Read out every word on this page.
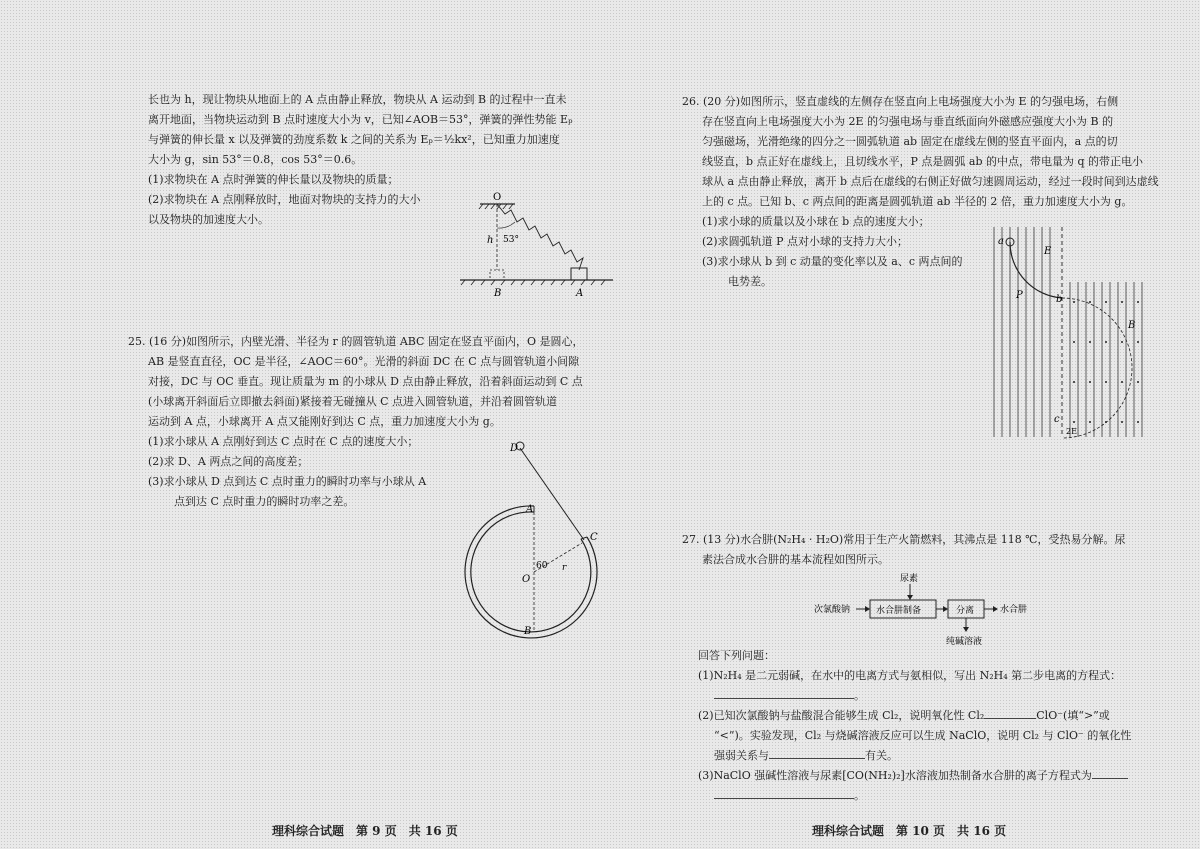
长也为 h，现让物块从地面上的 A 点由静止释放，物块从 A 运动到 B 的过程中一直未

离开地面，当物块运动到 B 点时速度大小为 v，已知∠AOB＝53°，弹簧的弹性势能 Eₚ

与弹簧的伸长量 x 以及弹簧的劲度系数 k 之间的关系为 Eₚ＝½kx²，已知重力加速度

大小为 g，sin 53°＝0.8，cos 53°＝0.6。

(1)求物块在 A 点时弹簧的伸长量以及物块的质量；

(2)求物块在 A 点刚释放时，地面对物块的支持力的大小

以及物块的加速度大小。

O
h 53°
B	A

25. (16 分)如图所示，内壁光滑、半径为 r 的圆管轨道 ABC 固定在竖直平面内，O 是圆心，

AB 是竖直直径，OC 是半径，∠AOC＝60°。光滑的斜面 DC 在 C 点与圆管轨道小间隙

对接，DC 与 OC 垂直。现让质量为 m 的小球从 D 点由静止释放，沿着斜面运动到 C 点

(小球离开斜面后立即撤去斜面)紧接着无碰撞从 C 点进入圆管轨道，并沿着圆管轨道

运动到 A 点，小球离开 A 点又能刚好到达 C 点，重力加速度大小为 g。

(1)求小球从 A 点刚好到达 C 点时在 C 点的速度大小；

(2)求 D、A 两点之间的高度差；

(3)求小球从 D 点到达 C 点时重力的瞬时功率与小球从 A

点到达 C 点时重力的瞬时功率之差。

D
A
C
O
60 r
B
理科综合试题　第 9 页　共 16 页

26. (20 分)如图所示，竖直虚线的左侧存在竖直向上电场强度大小为 E 的匀强电场，右侧

存在竖直向上电场强度大小为 2E 的匀强电场与垂直纸面向外磁感应强度大小为 B 的

匀强磁场，光滑绝缘的四分之一圆弧轨道 ab 固定在虚线左侧的竖直平面内，a 点的切

线竖直，b 点正好在虚线上，且切线水平，P 点是圆弧 ab 的中点，带电量为 q 的带正电小

球从 a 点由静止释放，离开 b 点后在虚线的右侧正好做匀速圆周运动，经过一段时间到达虚线

上的 c 点。已知 b、c 两点间的距离是圆弧轨道 ab 半径的 2 倍，重力加速度大小为 g。

(1)求小球的质量以及小球在 b 点的速度大小；

(2)求圆弧轨道 P 点对小球的支持力大小；

(3)求小球从 b 到 c 动量的变化率以及 a、c 两点间的

电势差。

a
P
E
b
c
2E
B

27. (13 分)水合肼(N₂H₄ · H₂O)常用于生产火箭燃料，其沸点是 118 ℃，受热易分解。尿

素法合成水合肼的基本流程如图所示。

尿素
次氯酸钠	水合肼制备	分离	水合肼
纯碱溶液

回答下列问题：

(1)N₂H₄ 是二元弱碱，在水中的电离方式与氨相似，写出 N₂H₄ 第二步电离的方程式：

。

(2)已知次氯酸钠与盐酸混合能够生成 Cl₂，说明氧化性 Cl₂	ClO⁻(填“>”或

“<”)。实验发现，Cl₂ 与烧碱溶液反应可以生成 NaClO，说明 Cl₂ 与 ClO⁻ 的氧化性

强弱关系与	有关。

(3)NaClO 强碱性溶液与尿素[CO(NH₂)₂]水溶液加热制备水合肼的离子方程式为

。

理科综合试题　第 10 页　共 16 页
